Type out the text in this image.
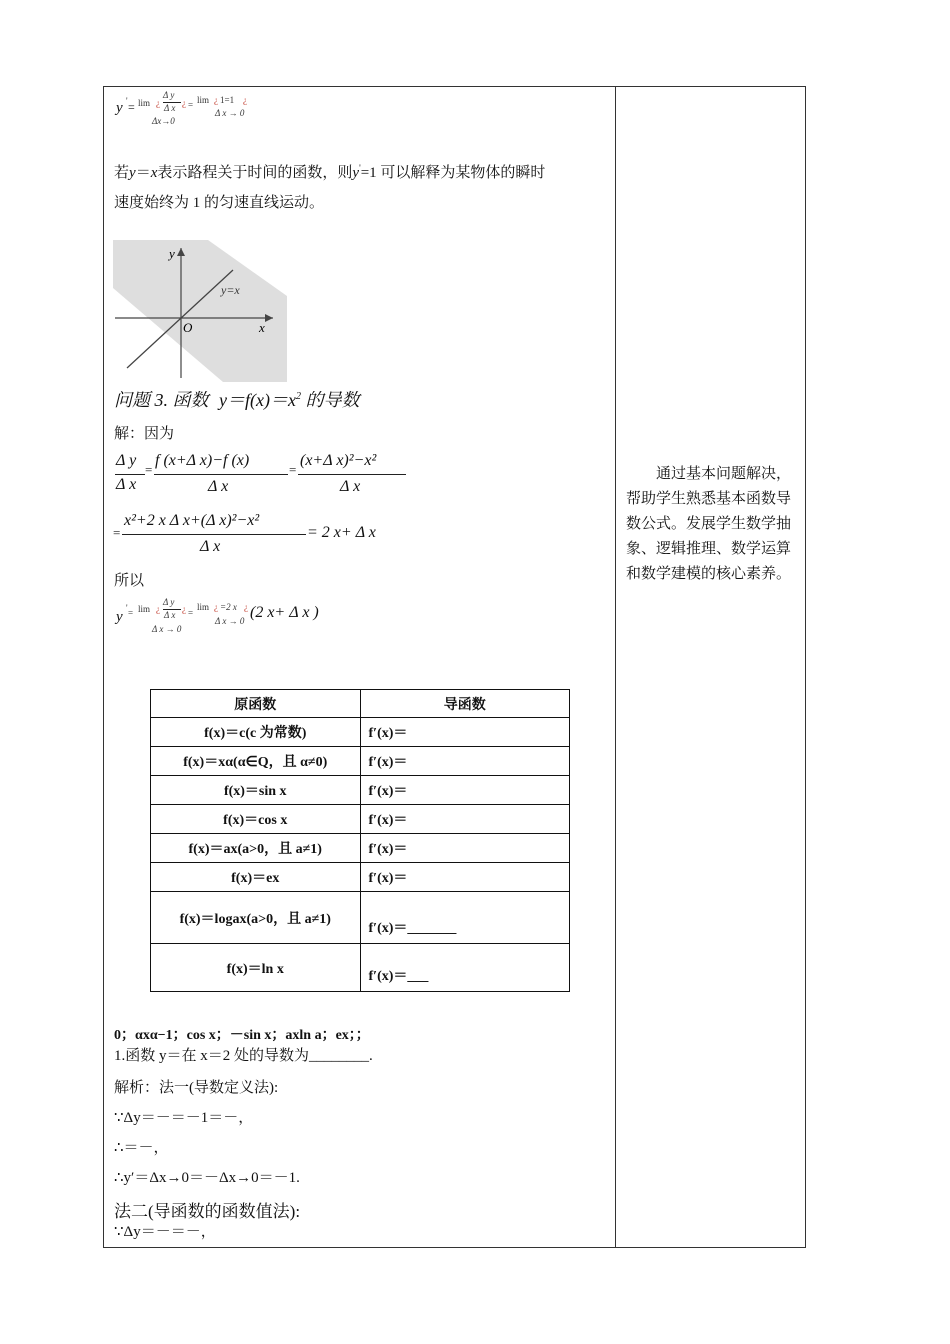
y ' = lim ¿
Δ y
Δ x ¿ = lim ¿ 1=1 ¿
Δx→0
Δ x → 0
若y＝x表示路程关于时间的函数，则y'=1 可以解释为某物体的瞬时
速度始终为 1 的匀速直线运动。
y
x
O
y=x
问题 3. 函数 $y=f(x)=x^2$ 的导数
解：因为
Δ y
Δ x
=
f (x+Δ x)−f (x)
Δ x
=
(x+Δ x)²−x²
Δ x
=
x²+2 x Δ x+(Δ x)²−x²
Δ x
= 2 x+ Δ x
所以
y
' = lim ¿
Δ y
Δ x
¿ =
lim ¿ =2 x ¿
Δ x → 0
Δ x → 0 (2 x+ Δ x )
原函数	导函数
f(x)＝c(c 为常数)	f′(x)＝
f(x)＝xα(α∈Q，且 α≠0)	f′(x)＝
f(x)＝sin x	f′(x)＝
f(x)＝cos x	f′(x)＝
f(x)＝ax(a>0，且 a≠1)	f′(x)＝
f(x)＝ex	f′(x)＝
f(x)＝logax(a>0，且 a≠1)	f′(x)＝_______
f(x)＝ln x	f′(x)＝___
0；αxα−1；cos x；－sin x；axln a；ex；；
1.函数 y＝在 x＝2 处的导数为________.
解析：法一(导数定义法):
∵Δy＝－＝－1＝－，
∴＝－，
∴y′＝Δx→0＝－Δx→0＝－1.
法二(导函数的函数值法):
∵Δy＝－＝－，
　　通过基本问题解决，帮助学生熟悉基本函数导数公式。发展学生数学抽象、逻辑推理、数学运算和数学建模的核心素养。
